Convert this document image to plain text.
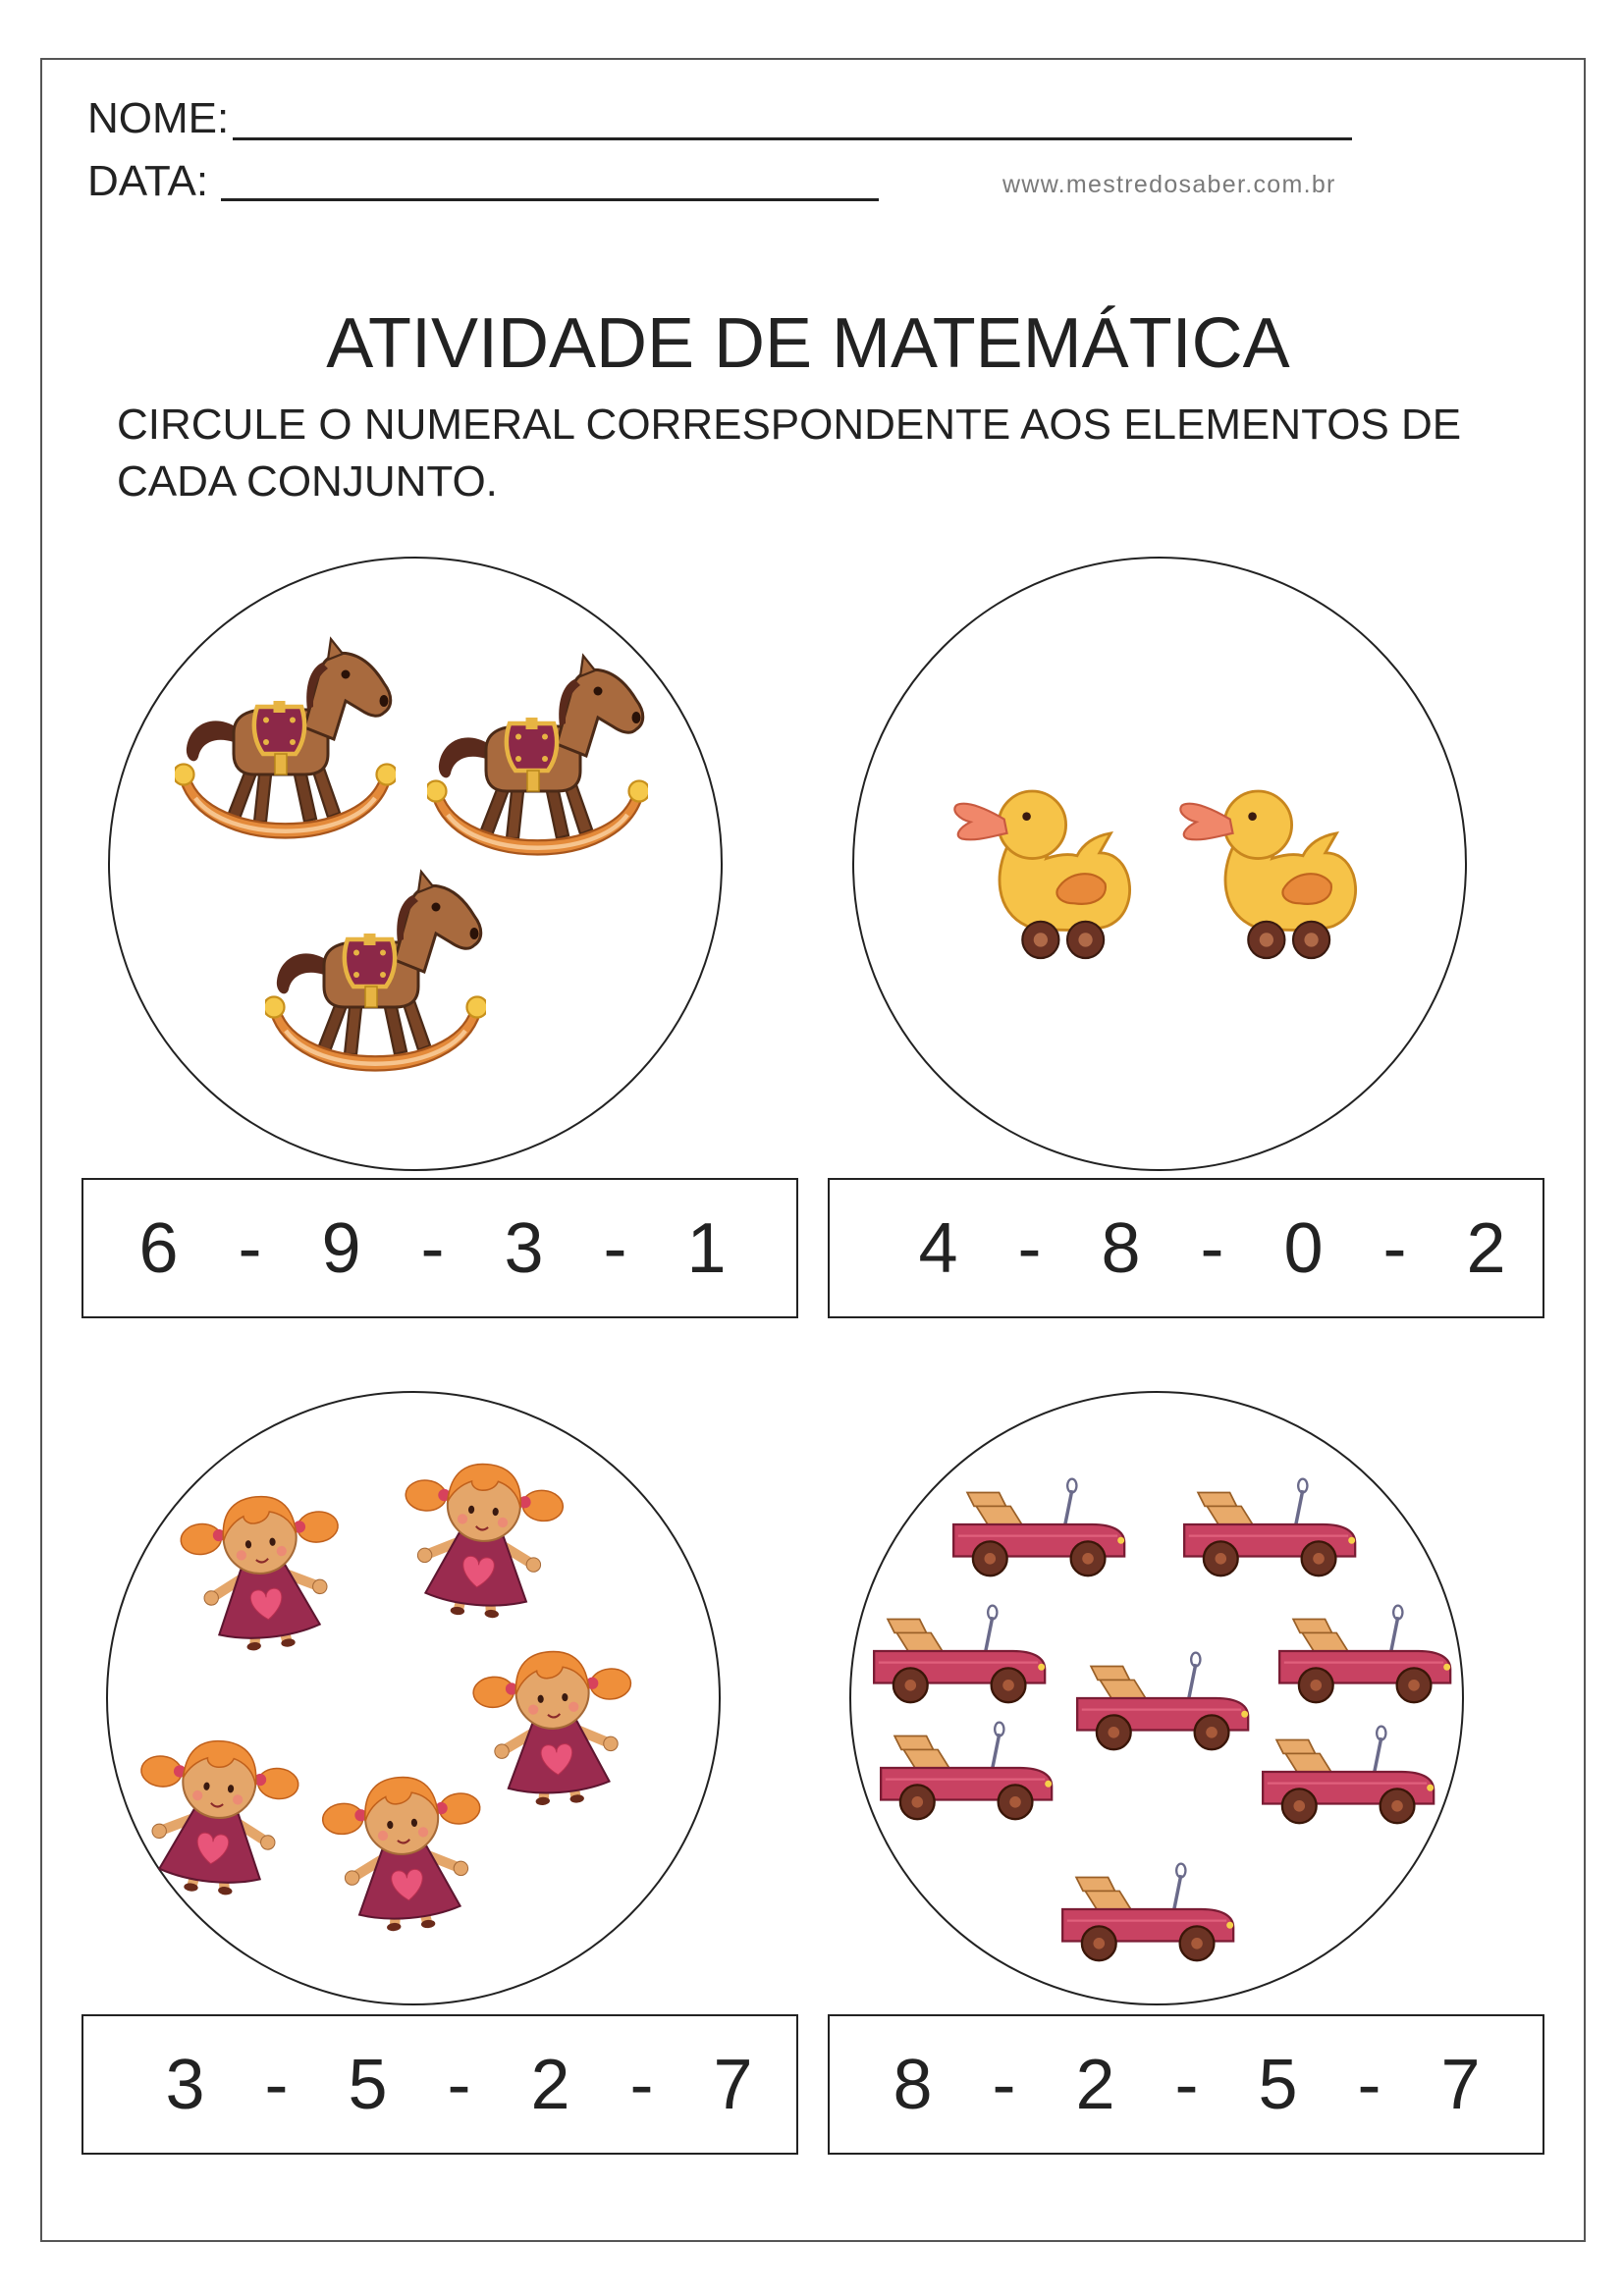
NOME:
DATA:	www.mestredosaber.com.br
ATIVIDADE DE MATEMÁTICA
CIRCULE O NUMERAL CORRESPONDENTE AOS ELEMENTOS DE CADA CONJUNTO.
6 - 9 - 3 - 1	4 - 8 - 0 - 2
3 - 5 - 2 - 7	8 - 2 - 5 - 7
